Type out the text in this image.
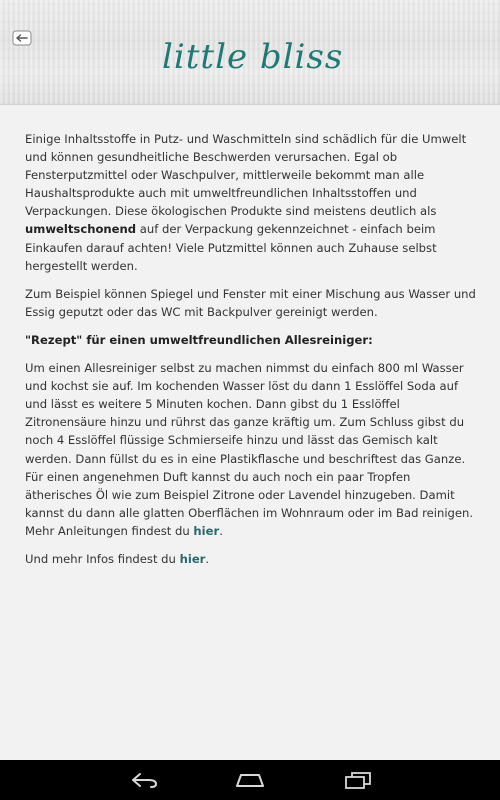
little bliss

Einige Inhaltsstoffe in Putz- und Waschmitteln sind schädlich für die Umwelt und können gesundheitliche Beschwerden verursachen. Egal ob Fensterputzmittel oder Waschpulver, mittlerweile bekommt man alle Haushaltsprodukte auch mit umweltfreundlichen Inhaltsstoffen und Verpackungen. Diese ökologischen Produkte sind meistens deutlich als umweltschonend auf der Verpackung gekennzeichnet - einfach beim Einkaufen darauf achten! Viele Putzmittel können auch Zuhause selbst hergestellt werden.

Zum Beispiel können Spiegel und Fenster mit einer Mischung aus Wasser und Essig geputzt oder das WC mit Backpulver gereinigt werden.

"Rezept" für einen umweltfreundlichen Allesreiniger:

Um einen Allesreiniger selbst zu machen nimmst du einfach 800 ml Wasser und kochst sie auf. Im kochenden Wasser löst du dann 1 Esslöffel Soda auf und lässt es weitere 5 Minuten kochen. Dann gibst du 1 Esslöffel Zitronensäure hinzu und rührst das ganze kräftig um. Zum Schluss gibst du noch 4 Esslöffel flüssige Schmierseife hinzu und lässt das Gemisch kalt werden. Dann füllst du es in eine Plastikflasche und beschriftest das Ganze.
Für einen angenehmen Duft kannst du auch noch ein paar Tropfen ätherisches Öl wie zum Beispiel Zitrone oder Lavendel hinzugeben. Damit kannst du dann alle glatten Oberflächen im Wohnraum oder im Bad reinigen. Mehr Anleitungen findest du hier.

Und mehr Infos findest du hier.
